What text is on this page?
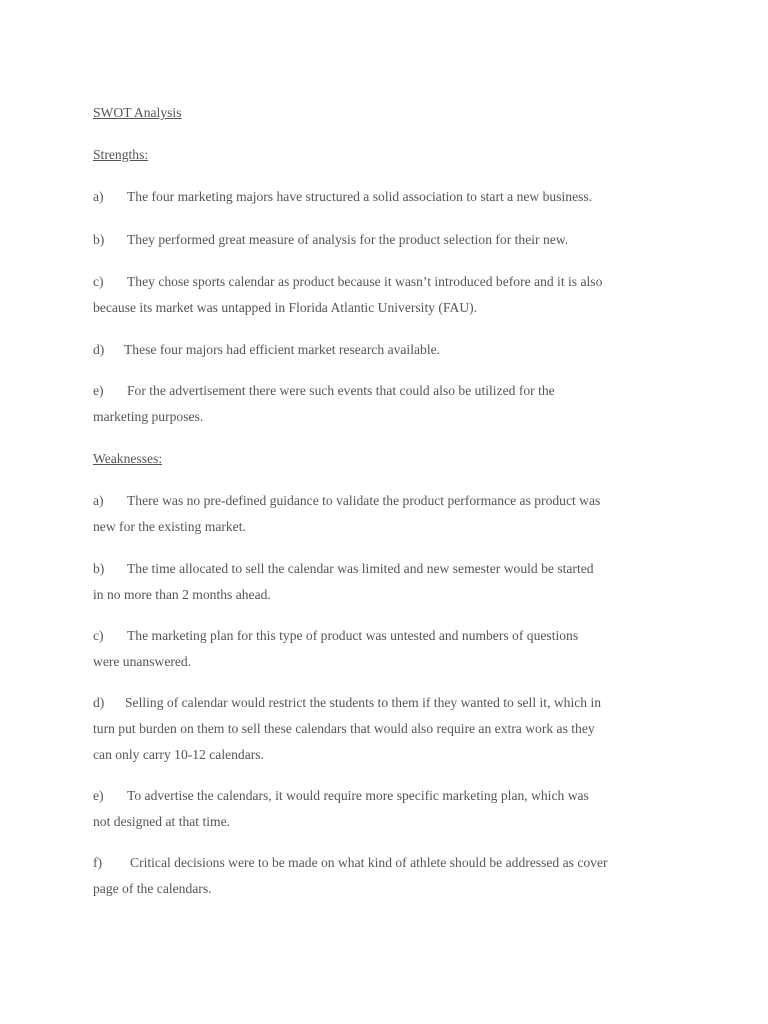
SWOT Analysis
Strengths:
a) The four marketing majors have structured a solid association to start a new business.
b) They performed great measure of analysis for the product selection for their new.
c) They chose sports calendar as product because it wasn’t introduced before and it is also
because its market was untapped in Florida Atlantic University (FAU).
d) These four majors had efficient market research available.
e) For the advertisement there were such events that could also be utilized for the
marketing purposes.
Weaknesses:
a) There was no pre-defined guidance to validate the product performance as product was
new for the existing market.
b) The time allocated to sell the calendar was limited and new semester would be started
in no more than 2 months ahead.
c) The marketing plan for this type of product was untested and numbers of questions
were unanswered.
d) Selling of calendar would restrict the students to them if they wanted to sell it, which in
turn put burden on them to sell these calendars that would also require an extra work as they
can only carry 10-12 calendars.
e) To advertise the calendars, it would require more specific marketing plan, which was
not designed at that time.
f) Critical decisions were to be made on what kind of athlete should be addressed as cover
page of the calendars.
